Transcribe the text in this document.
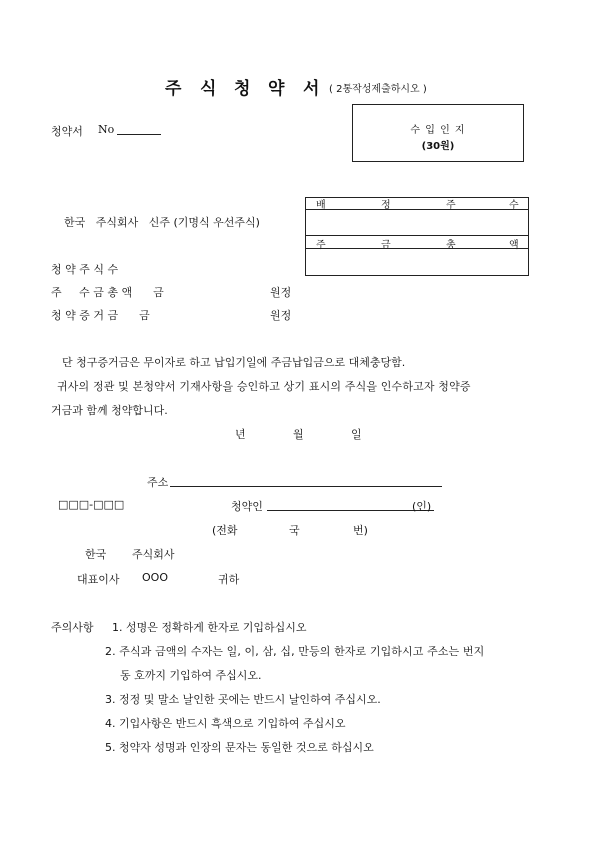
주 식 청 약 서 ( 2통작성제출하시오 )
청약서 No	수 입 인 지
(30원)
배	정	주	수
주	금	총	액
한국   주식회사   신주 (기명식 우선주식)
청 약 주 식 수
주     수 금 총 액      금	원정
청 약 증 거 금      금	원정
단 청구증거금은 무이자로 하고 납입기일에 주금납입금으로 대체충당함.
귀사의 정관 및 본청약서 기재사항을 승인하고 상기 표시의 주식을 인수하고자 청약증
거금과 함께 청약합니다.
년	월	일
주소
□□□-□□□	청약인	(인)
(전화	국	번)
한국 주식회사
대표이사 OOO	귀하
주의사항 1. 성명은 정확하게 한자로 기입하십시오
2. 주식과 금액의 수자는 일, 이, 삼, 십, 만등의 한자로 기입하시고 주소는 번지
동 호까지 기입하여 주십시오.
3. 정정 및 말소 날인한 곳에는 반드시 날인하여 주십시오.
4. 기입사항은 반드시 흑색으로 기입하여 주십시오
5. 청약자 성명과 인장의 문자는 동일한 것으로 하십시오
